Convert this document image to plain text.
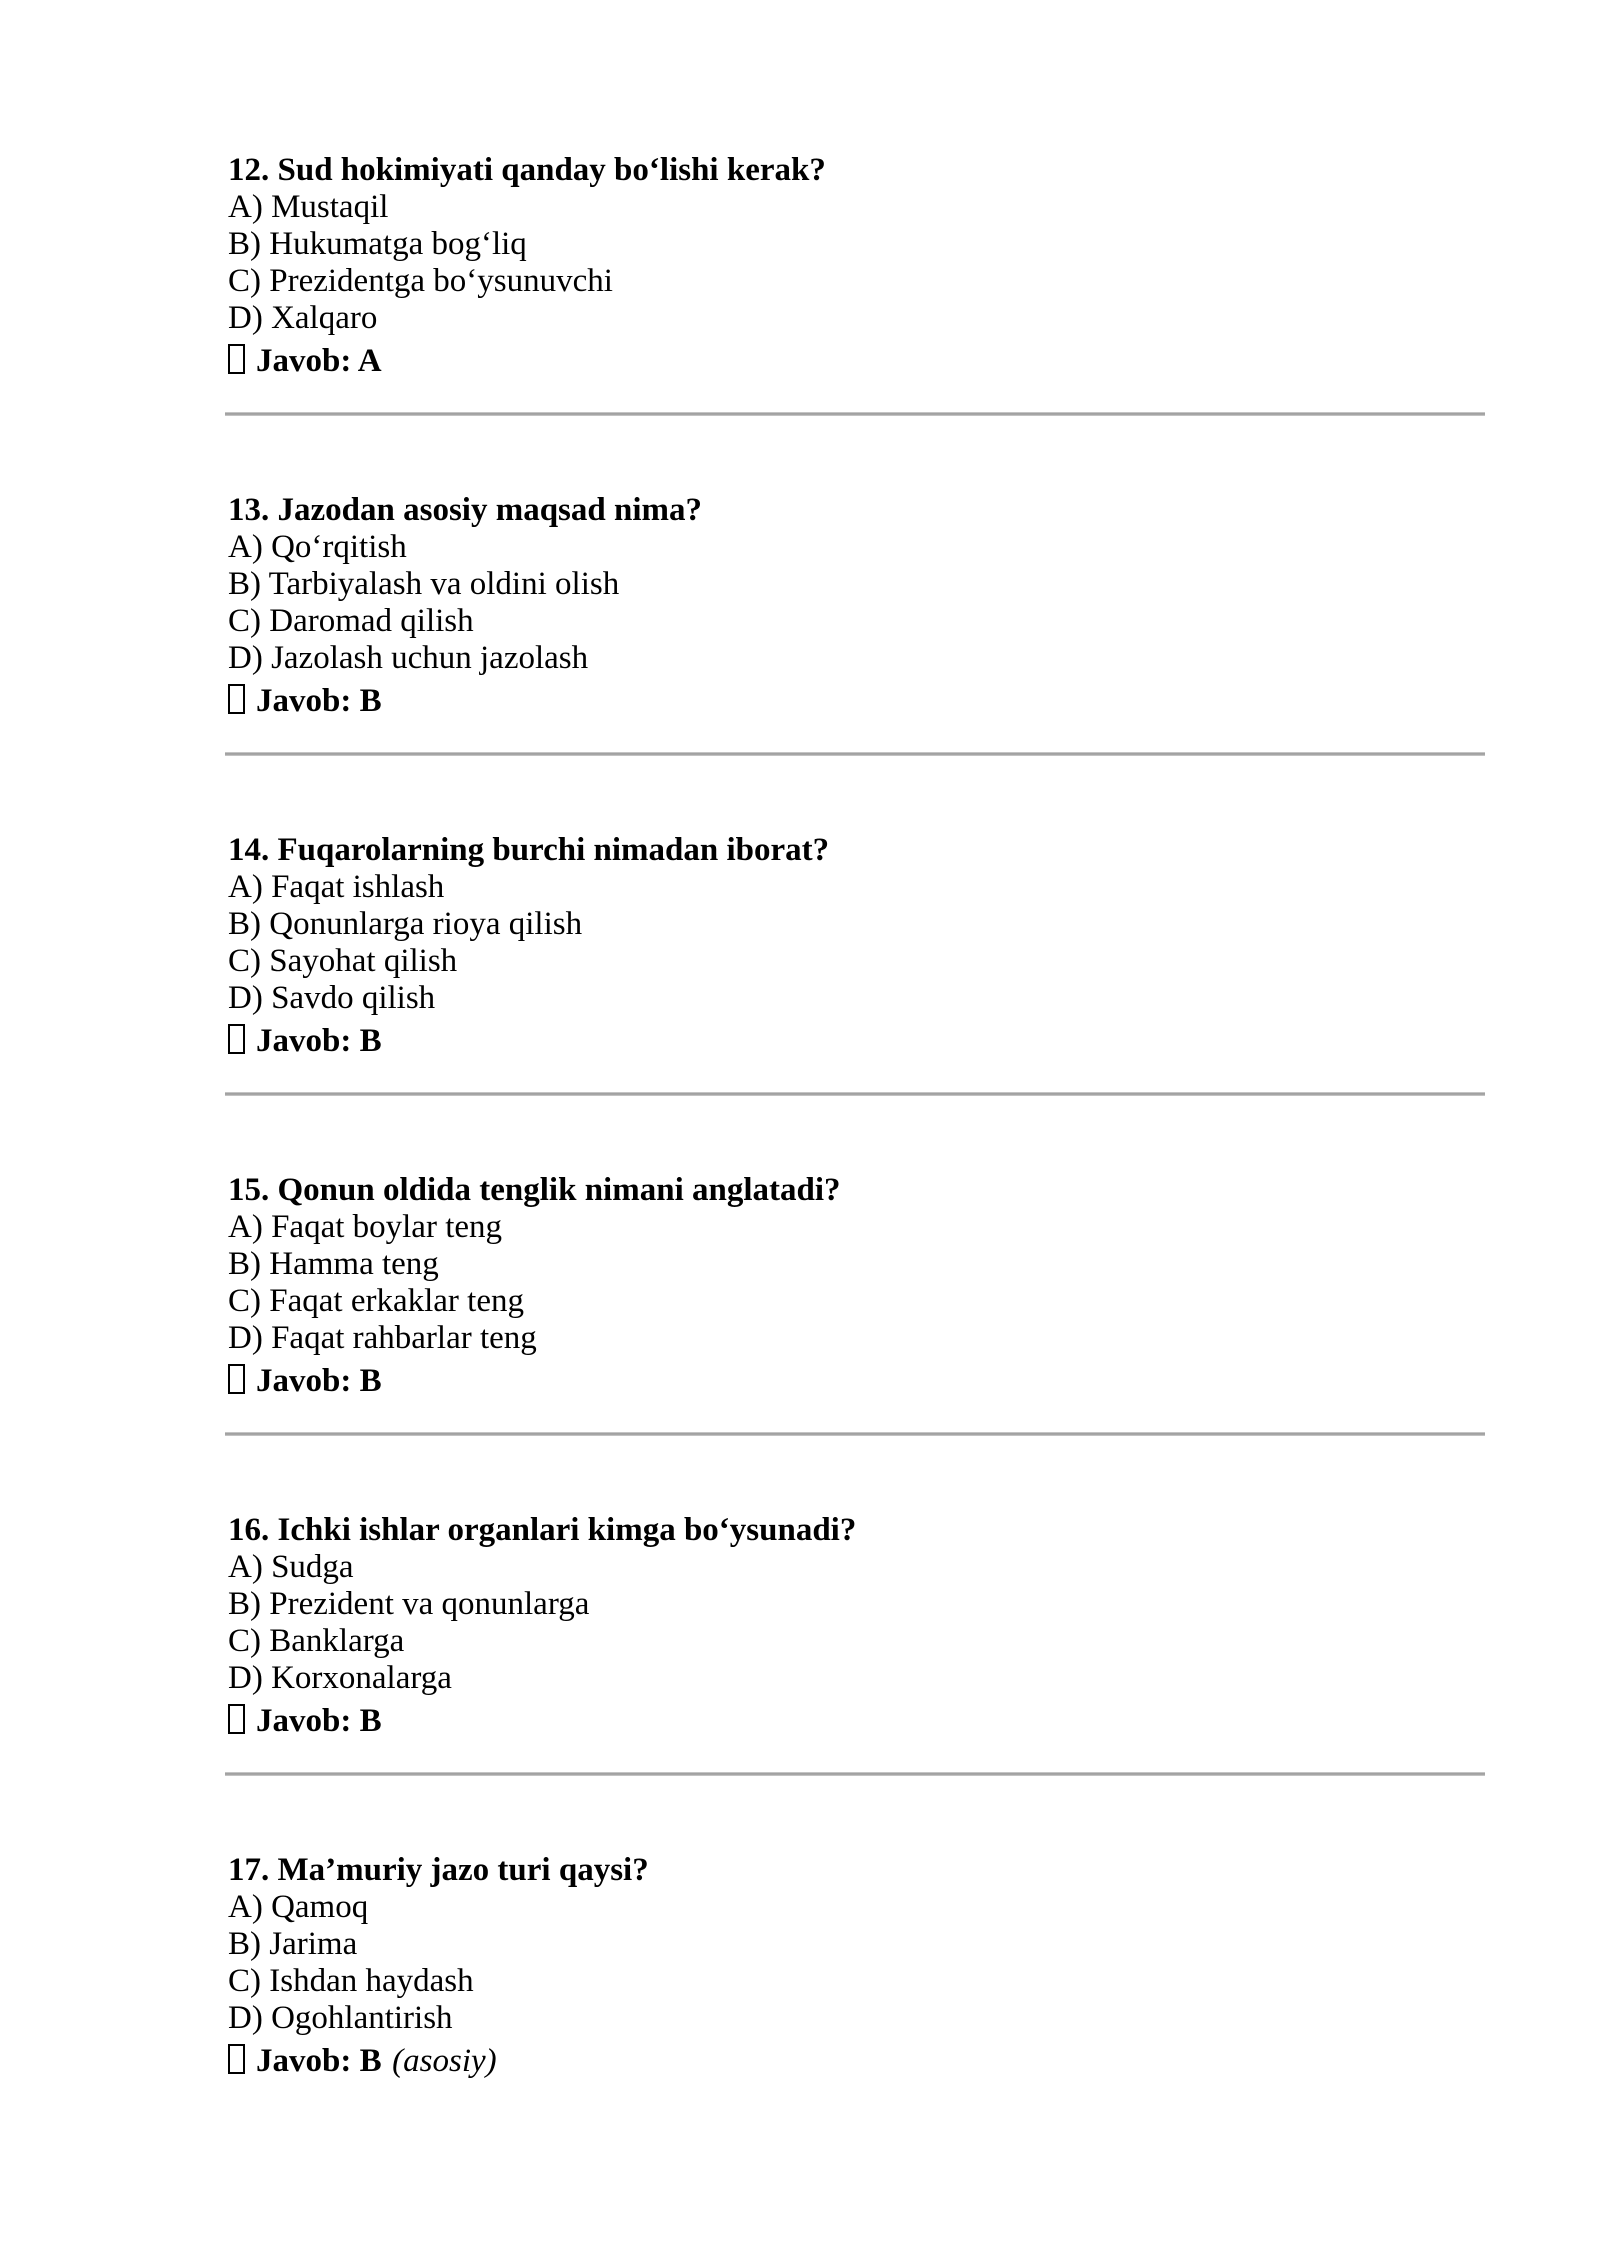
12. Sud hokimiyati qanday boʻlishi kerak?
A) Mustaqil
B) Hukumatga bogʻliq
C) Prezidentga boʻysunuvchi
D) Xalqaro
Javob: A
13. Jazodan asosiy maqsad nima?
A) Qoʻrqitish
B) Tarbiyalash va oldini olish
C) Daromad qilish
D) Jazolash uchun jazolash
Javob: B
14. Fuqarolarning burchi nimadan iborat?
A) Faqat ishlash
B) Qonunlarga rioya qilish
C) Sayohat qilish
D) Savdo qilish
Javob: B
15. Qonun oldida tenglik nimani anglatadi?
A) Faqat boylar teng
B) Hamma teng
C) Faqat erkaklar teng
D) Faqat rahbarlar teng
Javob: B
16. Ichki ishlar organlari kimga boʻysunadi?
A) Sudga
B) Prezident va qonunlarga
C) Banklarga
D) Korxonalarga
Javob: B
17. Ma’muriy jazo turi qaysi?
A) Qamoq
B) Jarima
C) Ishdan haydash
D) Ogohlantirish
Javob: B (asosiy)
